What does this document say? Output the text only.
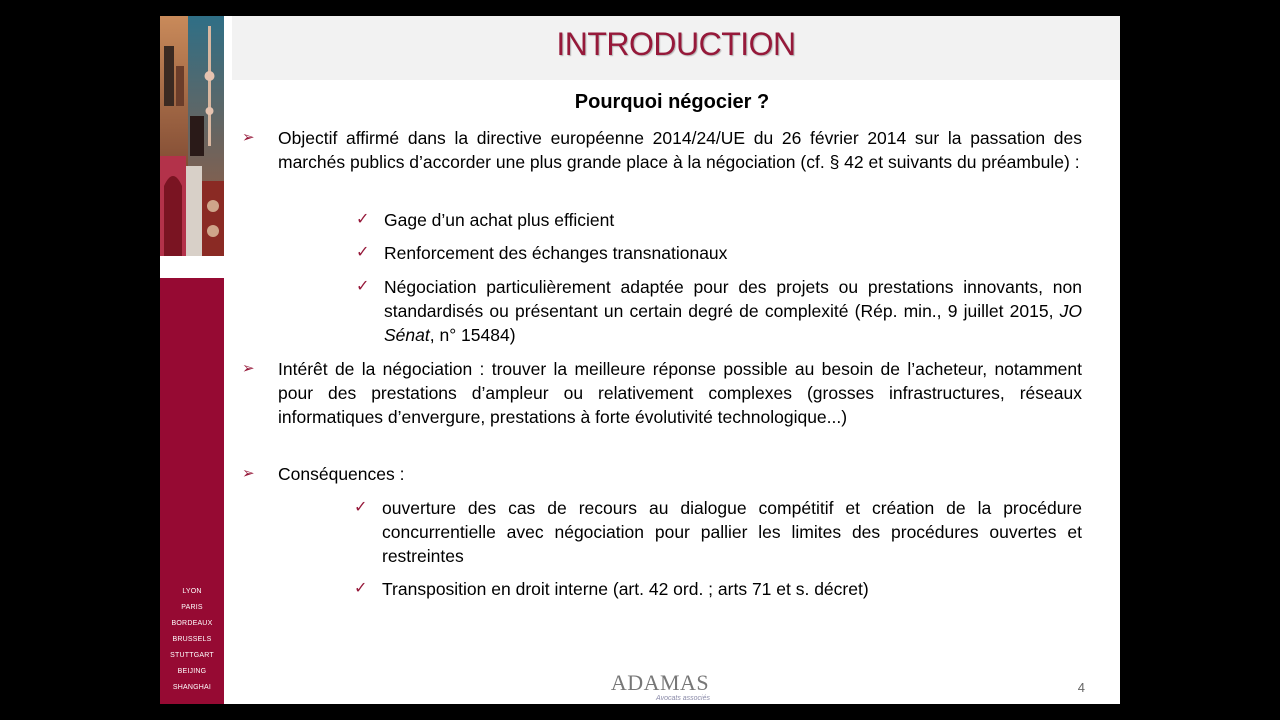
LYON
PARIS
BORDEAUX
BRUSSELS
STUTTGART
BEIJING
SHANGHAI
INTRODUCTION
Pourquoi négocier ?
➢ Objectif affirmé dans la directive européenne 2014/24/UE du 26 février 2014 sur la passation des marchés publics d’accorder une plus grande place à la négociation (cf. § 42 et suivants du préambule) :
✓ Gage d’un achat plus efficient
✓ Renforcement des échanges transnationaux
✓ Négociation particulièrement adaptée pour des projets ou prestations innovants, non standardisés ou présentant un certain degré de complexité (Rép. min., 9 juillet 2015, JO Sénat, n° 15484)
➢ Intérêt de la négociation : trouver la meilleure réponse possible au besoin de l’acheteur, notamment pour des prestations d’ampleur ou relativement complexes (grosses infrastructures, réseaux informatiques d’envergure, prestations à forte évolutivité technologique...)
➢ Conséquences :
✓ ouverture des cas de recours au dialogue compétitif et création de la procédure concurrentielle avec négociation pour pallier les limites des procédures ouvertes et restreintes
✓ Transposition en droit interne (art. 42 ord. ; arts 71 et s. décret)
ADAMAS
Avocats associés
4
